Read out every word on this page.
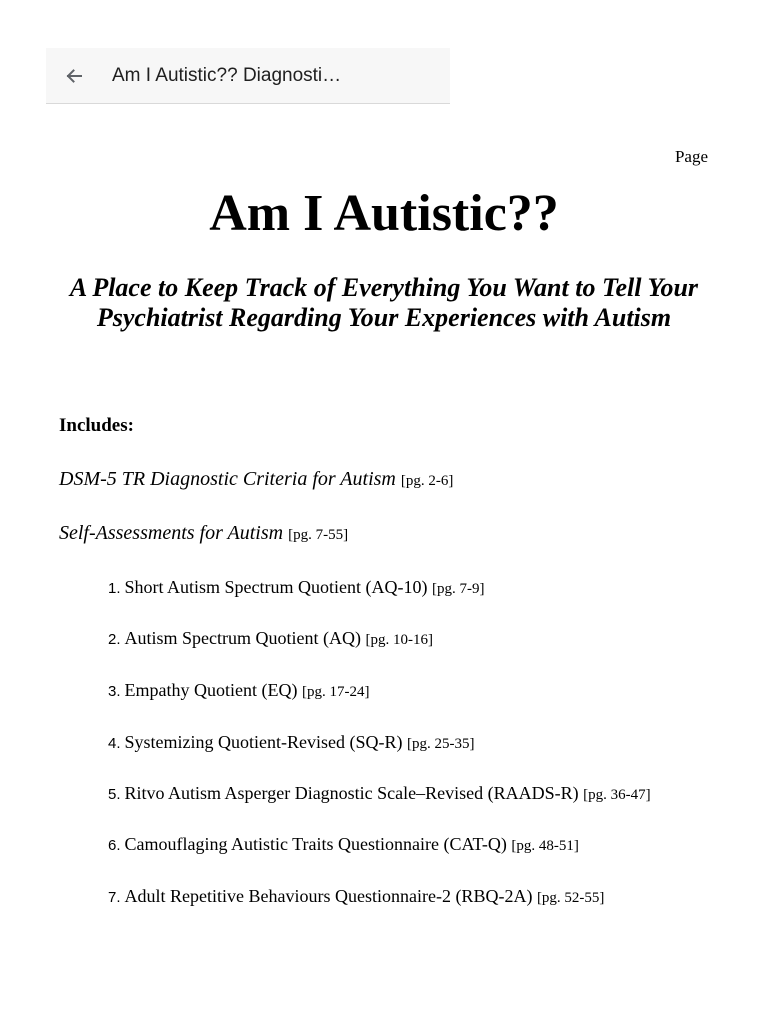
Am I Autistic?? Diagnosti…
Page
Am I Autistic??

A Place to Keep Track of Everything You Want to Tell Your Psychiatrist Regarding Your Experiences with Autism

Includes:
DSM-5 TR Diagnostic Criteria for Autism [pg. 2-6]
Self-Assessments for Autism [pg. 7-55]
1. Short Autism Spectrum Quotient (AQ-10) [pg. 7-9]
2. Autism Spectrum Quotient (AQ) [pg. 10-16]
3. Empathy Quotient (EQ) [pg. 17-24]
4. Systemizing Quotient-Revised (SQ-R) [pg. 25-35]
5. Ritvo Autism Asperger Diagnostic Scale–Revised (RAADS-R) [pg. 36-47]
6. Camouflaging Autistic Traits Questionnaire (CAT-Q) [pg. 48-51]
7. Adult Repetitive Behaviours Questionnaire-2 (RBQ-2A) [pg. 52-55]
